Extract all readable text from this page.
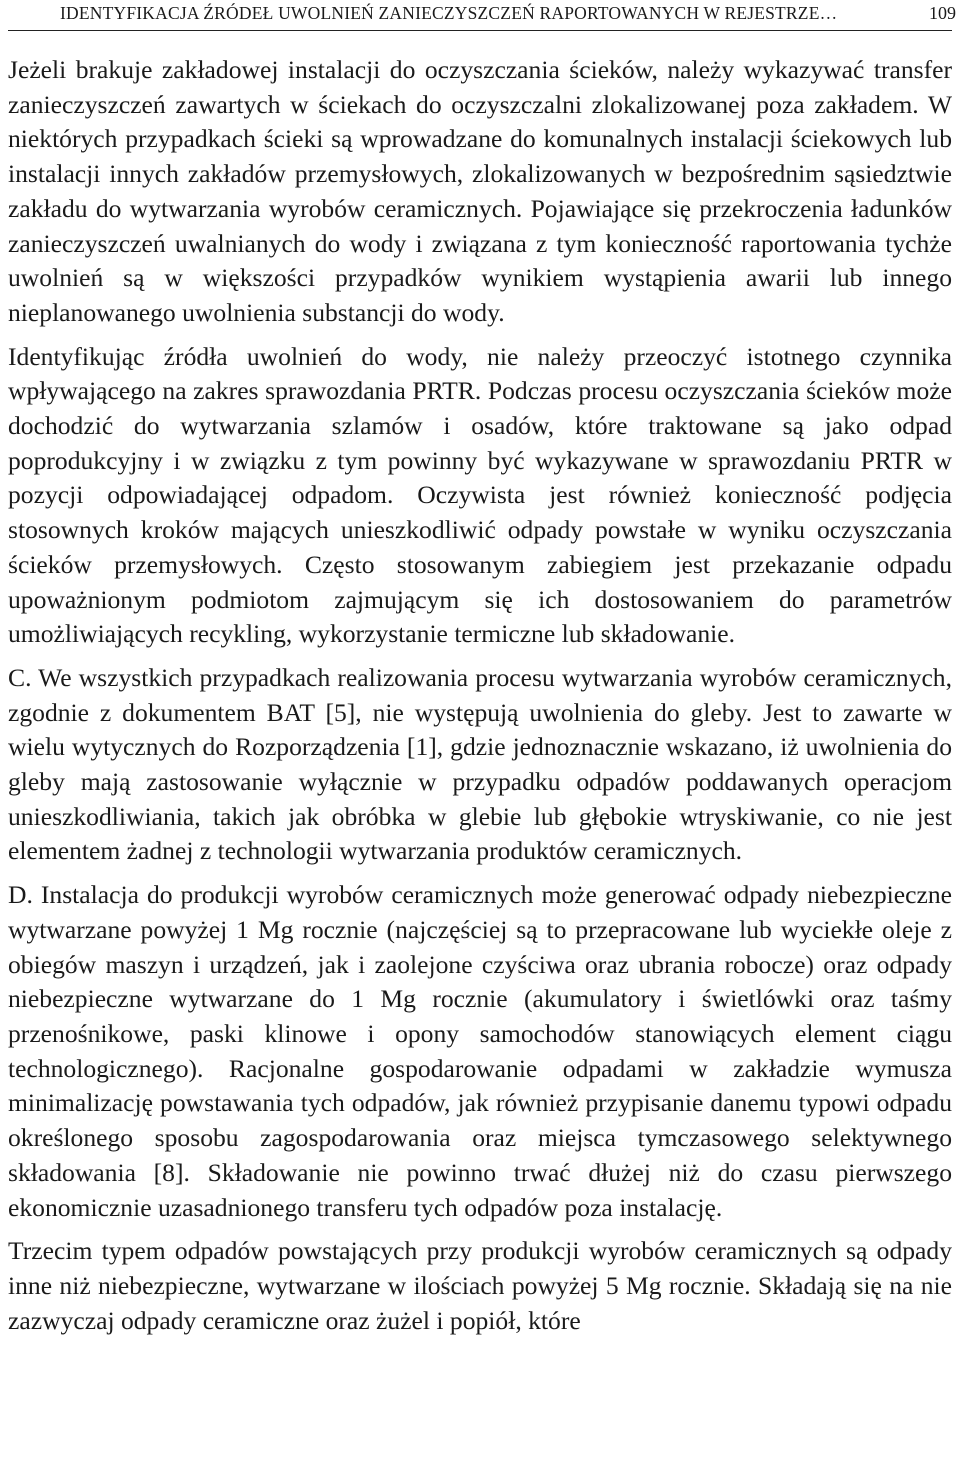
IDENTYFIKACJA ŹRÓDEŁ UWOLNIEŃ ZANIECZYSZCZEŃ RAPORTOWANYCH W REJESTRZE…	109

Jeżeli brakuje zakładowej instalacji do oczyszczania ścieków, należy wykazywać transfer zanieczyszczeń zawartych w ściekach do oczyszczalni zlokalizowanej poza zakładem. W niektórych przypadkach ścieki są wprowadzane do komunalnych instalacji ściekowych lub instalacji innych zakładów przemysłowych, zlokalizowanych w bezpośrednim sąsiedztwie zakładu do wytwarzania wyrobów ceramicznych. Pojawiające się przekroczenia ładunków zanieczyszczeń uwalnianych do wody i związana z tym konieczność raportowania tychże uwolnień są w większości przypadków wynikiem wystąpienia awarii lub innego nieplanowanego uwolnienia substancji do wody.

Identyfikując źródła uwolnień do wody, nie należy przeoczyć istotnego czynnika wpływającego na zakres sprawozdania PRTR. Podczas procesu oczyszczania ścieków może dochodzić do wytwarzania szlamów i osadów, które traktowane są jako odpad poprodukcyjny i w związku z tym powinny być wykazywane w sprawozdaniu PRTR w pozycji odpowiadającej odpadom. Oczywista jest również konieczność podjęcia stosownych kroków mających unieszkodliwić odpady powstałe w wyniku oczyszczania ścieków przemysłowych. Często stosowanym zabiegiem jest przekazanie odpadu upoważnionym podmiotom zajmującym się ich dostosowaniem do parametrów umożliwiających recykling, wykorzystanie termiczne lub składowanie.

C. We wszystkich przypadkach realizowania procesu wytwarzania wyrobów ceramicznych, zgodnie z dokumentem BAT [5], nie występują uwolnienia do gleby. Jest to zawarte w wielu wytycznych do Rozporządzenia [1], gdzie jednoznacznie wskazano, iż uwolnienia do gleby mają zastosowanie wyłącznie w przypadku odpadów poddawanych operacjom unieszkodliwiania, takich jak obróbka w glebie lub głębokie wtryskiwanie, co nie jest elementem żadnej z technologii wytwarzania produktów ceramicznych.

D. Instalacja do produkcji wyrobów ceramicznych może generować odpady niebezpieczne wytwarzane powyżej 1 Mg rocznie (najczęściej są to przepracowane lub wyciekłe oleje z obiegów maszyn i urządzeń, jak i zaolejone czyściwa oraz ubrania robocze) oraz odpady niebezpieczne wytwarzane do 1 Mg rocznie (akumulatory i świetlówki oraz taśmy przenośnikowe, paski klinowe i opony samochodów stanowiących element ciągu technologicznego). Racjonalne gospodarowanie odpadami w zakładzie wymusza minimalizację powstawania tych odpadów, jak również przypisanie danemu typowi odpadu określonego sposobu zagospodarowania oraz miejsca tymczasowego selektywnego składowania [8]. Składowanie nie powinno trwać dłużej niż do czasu pierwszego ekonomicznie uzasadnionego transferu tych odpadów poza instalację.

Trzecim typem odpadów powstających przy produkcji wyrobów ceramicznych są odpady inne niż niebezpieczne, wytwarzane w ilościach powyżej 5 Mg rocznie. Składają się na nie zazwyczaj odpady ceramiczne oraz żużel i popiół, które
